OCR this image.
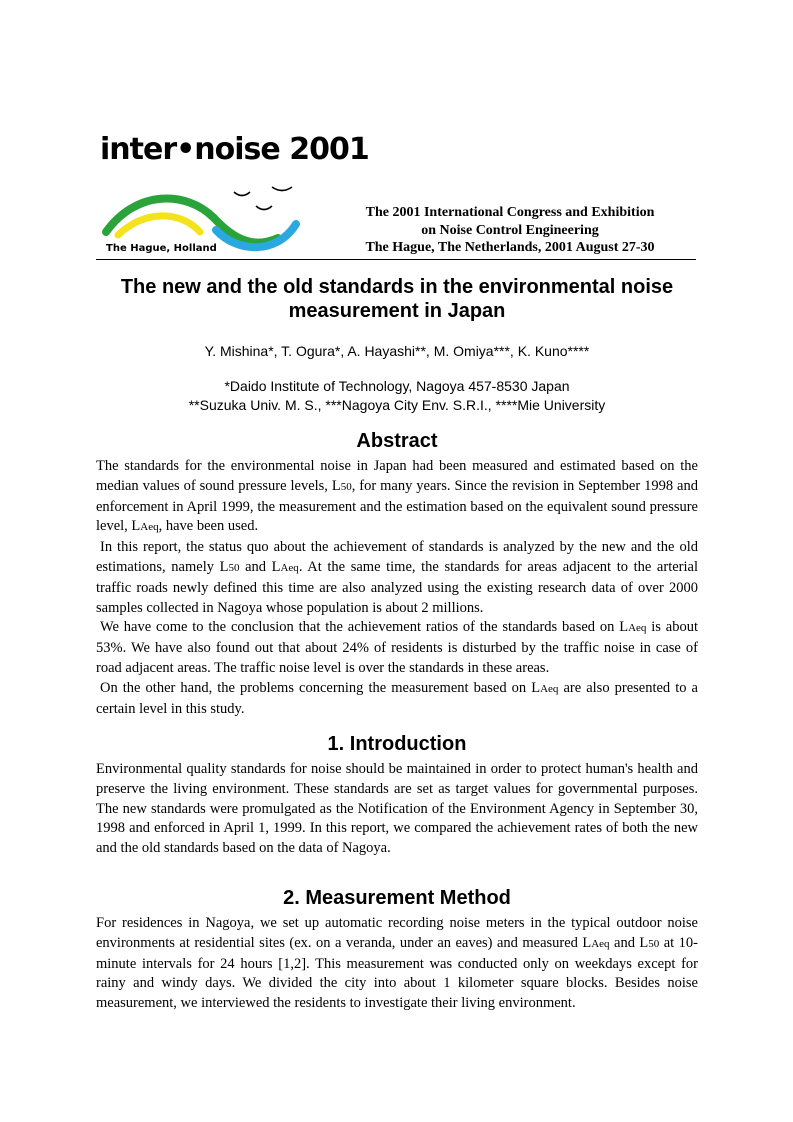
inter•noise 2001
The Hague, Holland
The 2001 International Congress and Exhibition
on Noise Control Engineering
The Hague, The Netherlands, 2001 August 27-30
The new and the old standards in the environmental noise
measurement in Japan
Y. Mishina*, T. Ogura*, A. Hayashi**, M. Omiya***, K. Kuno****
*Daido Institute of Technology, Nagoya 457-8530 Japan
**Suzuka Univ. M. S., ***Nagoya City Env. S.R.I., ****Mie University
Abstract

The standards for the environmental noise in Japan had been measured and estimated based on the median values of sound pressure levels, L50, for many years. Since the revision in September 1998 and enforcement in April 1999, the measurement and the estimation based on the equivalent sound pressure level, LAeq, have been used.

In this report, the status quo about the achievement of standards is analyzed by the new and the old estimations, namely L50 and LAeq. At the same time, the standards for areas adjacent to the arterial traffic roads newly defined this time are also analyzed using the existing research data of over 2000 samples collected in Nagoya whose population is about 2 millions.

We have come to the conclusion that the achievement ratios of the standards based on LAeq is about 53%. We have also found out that about 24% of residents is disturbed by the traffic noise in case of road adjacent areas. The traffic noise level is over the standards in these areas.

On the other hand, the problems concerning the measurement based on LAeq are also presented to a certain level in this study.

1. Introduction

Environmental quality standards for noise should be maintained in order to protect human's health and preserve the living environment. These standards are set as target values for governmental purposes. The new standards were promulgated as the Notification of the Environment Agency in September 30, 1998 and enforced in April 1, 1999. In this report, we compared the achievement rates of both the new and the old standards based on the data of Nagoya.

2. Measurement Method

For residences in Nagoya, we set up automatic recording noise meters in the typical outdoor noise environments at residential sites (ex. on a veranda, under an eaves) and measured LAeq and L50 at 10-minute intervals for 24 hours [1,2]. This measurement was conducted only on weekdays except for rainy and windy days. We divided the city into about 1 kilometer square blocks. Besides noise measurement, we interviewed the residents to investigate their living environment.
